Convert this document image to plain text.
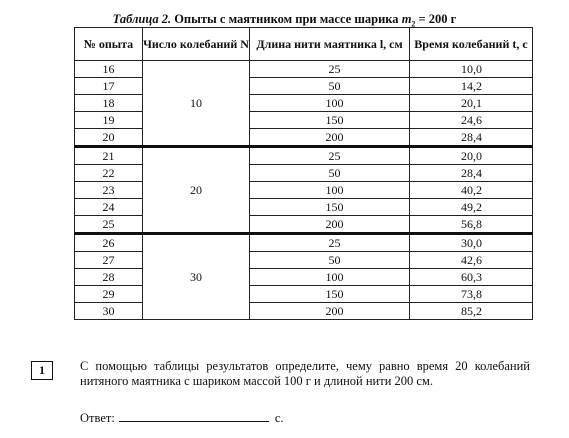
Таблица 2. Опыты с маятником при массе шарика $m_2 = 200$ г
№ опыта	Число колебаний N	Длина нити маятника l, см	Время колебаний t, с
16	10	25	10,0
17		50	14,2
18		100	20,1
19		150	24,6
20		200	28,4
21	20	25	20,0
22		50	28,4
23		100	40,2
24		150	49,2
25		200	56,8
26	30	25	30,0
27		50	42,6
28		100	60,3
29		150	73,8
30		200	85,2
1	С помощью таблицы результатов определите, чему равно время 20 колебаний нитяного маятника с шариком массой 100 г и длиной нити 200 см.
Ответ:	с.
